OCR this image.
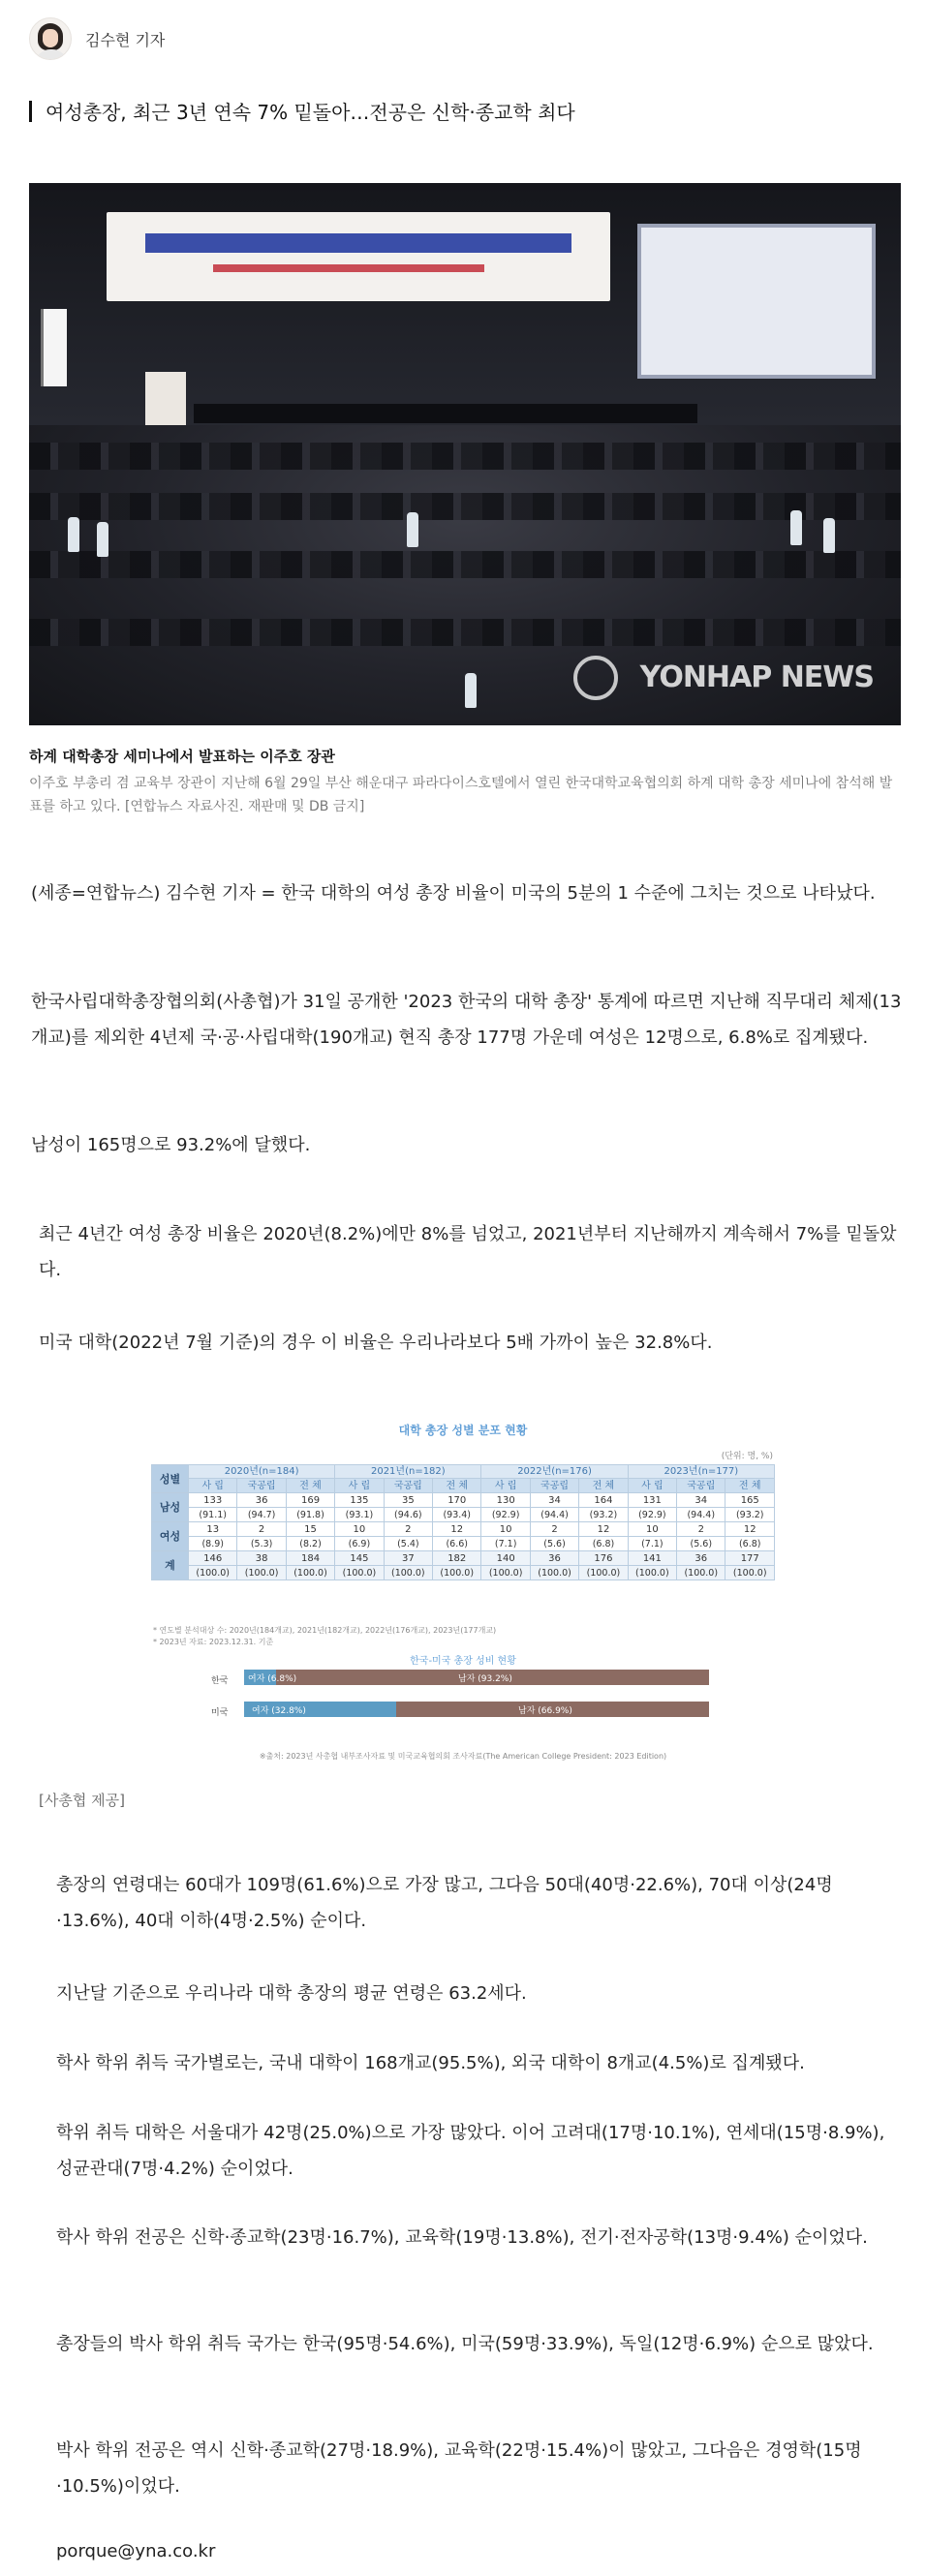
김수현 기자
여성총장, 최근 3년 연속 7% 밑돌아…전공은 신학·종교학 최다
YONHAP NEWS
하계 대학총장 세미나에서 발표하는 이주호 장관
이주호 부총리 겸 교육부 장관이 지난해 6월 29일 부산 해운대구 파라다이스호텔에서 열린 한국대학교육협의회 하계 대학 총장 세미나에 참석해 발표를 하고 있다. [연합뉴스 자료사진. 재판매 및 DB 금지]

(세종=연합뉴스) 김수현 기자 = 한국 대학의 여성 총장 비율이 미국의 5분의 1 수준에 그치는 것으로 나타났다.

한국사립대학총장협의회(사총협)가 31일 공개한 '2023 한국의 대학 총장' 통계에 따르면 지난해 직무대리 체제(13개교)를 제외한 4년제 국·공·사립대학(190개교) 현직 총장 177명 가운데 여성은 12명으로, 6.8%로 집계됐다.

남성이 165명으로 93.2%에 달했다.

최근 4년간 여성 총장 비율은 2020년(8.2%)에만 8%를 넘었고, 2021년부터 지난해까지 계속해서 7%를 밑돌았다.

미국 대학(2022년 7월 기준)의 경우 이 비율은 우리나라보다 5배 가까이 높은 32.8%다.

대학 총장 성별 분포 현황
(단위: 명, %)
성별	2020년(n=184)			2021년(n=182)			2022년(n=176)			2023년(n=177)		
	사 립	국공립	전 체	사 립	국공립	전 체	사 립	국공립	전 체	사 립	국공립	전 체
남성	133	36	169	135	35	170	130	34	164	131	34	165
	(91.1)	(94.7)	(91.8)	(93.1)	(94.6)	(93.4)	(92.9)	(94.4)	(93.2)	(92.9)	(94.4)	(93.2)
여성	13	2	15	10	2	12	10	2	12	10	2	12
	(8.9)	(5.3)	(8.2)	(6.9)	(5.4)	(6.6)	(7.1)	(5.6)	(6.8)	(7.1)	(5.6)	(6.8)
계	146	38	184	145	37	182	140	36	176	141	36	177
	(100.0)	(100.0)	(100.0)	(100.0)	(100.0)	(100.0)	(100.0)	(100.0)	(100.0)	(100.0)	(100.0)	(100.0)
* 연도별 분석대상 수: 2020년(184개교), 2021년(182개교), 2022년(176개교), 2023년(177개교)
* 2023년 자료: 2023.12.31. 기준
한국-미국 총장 성비 현황
한국 여자 (6.8%)	남자 (93.2%)
미국	여자 (32.8%)	남자 (66.9%)
※출처: 2023년 사총협 내부조사자료 및 미국교육협의회 조사자료(The American College President: 2023 Edition)
[사총협 제공]

총장의 연령대는 60대가 109명(61.6%)으로 가장 많고, 그다음 50대(40명·22.6%), 70대 이상(24명·13.6%), 40대 이하(4명·2.5%) 순이다.

지난달 기준으로 우리나라 대학 총장의 평균 연령은 63.2세다.

학사 학위 취득 국가별로는, 국내 대학이 168개교(95.5%), 외국 대학이 8개교(4.5%)로 집계됐다.

학위 취득 대학은 서울대가 42명(25.0%)으로 가장 많았다. 이어 고려대(17명·10.1%), 연세대(15명·8.9%), 성균관대(7명·4.2%) 순이었다.

학사 학위 전공은 신학·종교학(23명·16.7%), 교육학(19명·13.8%), 전기·전자공학(13명·9.4%) 순이었다.

총장들의 박사 학위 취득 국가는 한국(95명·54.6%), 미국(59명·33.9%), 독일(12명·6.9%) 순으로 많았다.

박사 학위 전공은 역시 신학·종교학(27명·18.9%), 교육학(22명·15.4%)이 많았고, 그다음은 경영학(15명·10.5%)이었다.

porque@yna.co.kr
